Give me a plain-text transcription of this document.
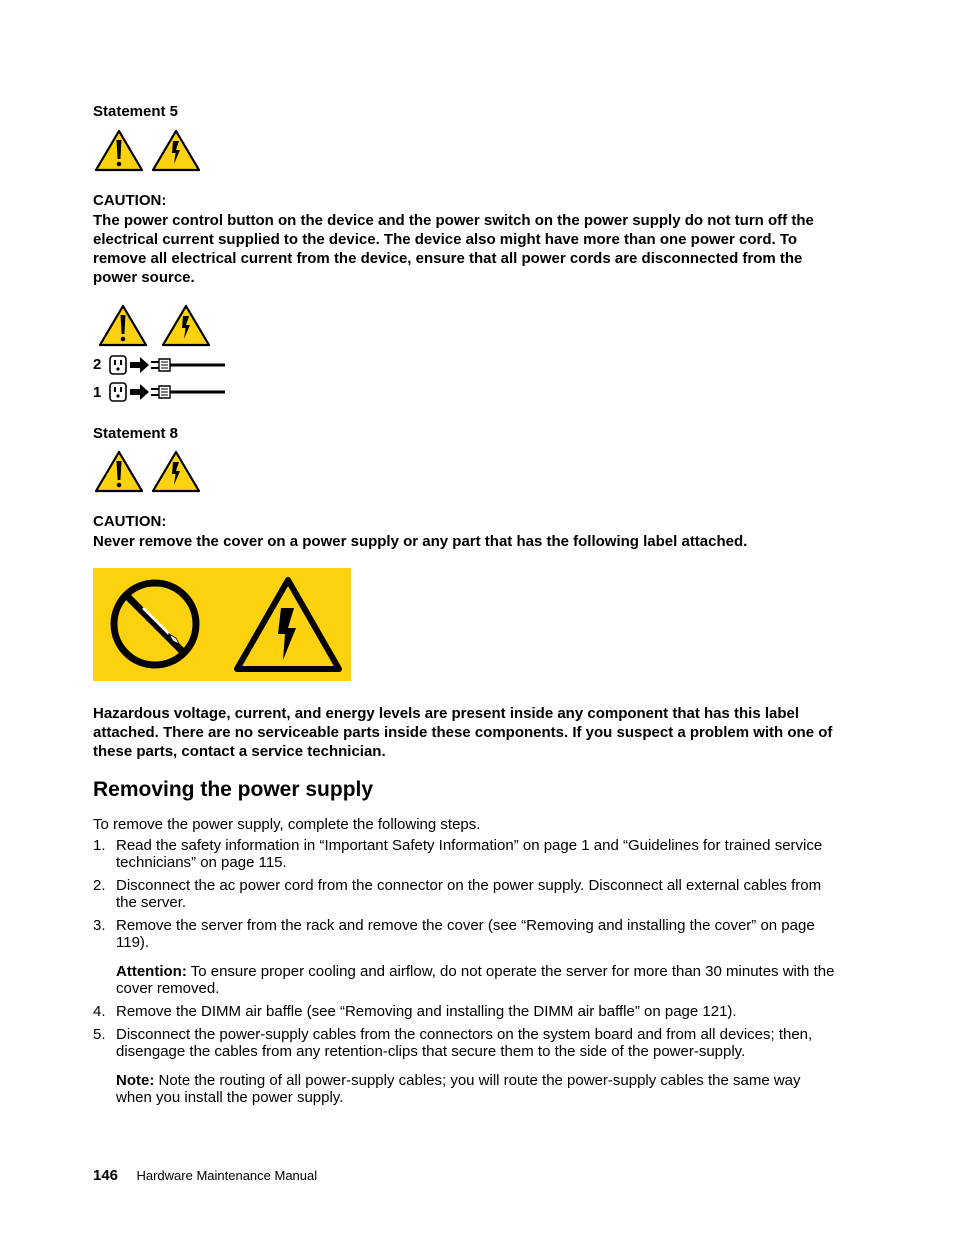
Statement 5
CAUTION:
The power control button on the device and the power switch on the power supply do not turn off the electrical current supplied to the device. The device also might have more than one power cord. To remove all electrical current from the device, ensure that all power cords are disconnected from the power source.
2
1
Statement 8
CAUTION:
Never remove the cover on a power supply or any part that has the following label attached.
Hazardous voltage, current, and energy levels are present inside any component that has this label attached. There are no serviceable parts inside these components. If you suspect a problem with one of these parts, contact a service technician.
Removing the power supply
To remove the power supply, complete the following steps.
1. Read the safety information in “Important Safety Information” on page 1 and “Guidelines for trained service technicians” on page 115.
2. Disconnect the ac power cord from the connector on the power supply. Disconnect all external cables from the server.
3. Remove the server from the rack and remove the cover (see “Removing and installing the cover” on page 119).
Attention: To ensure proper cooling and airflow, do not operate the server for more than 30 minutes with the cover removed.
4. Remove the DIMM air baffle (see “Removing and installing the DIMM air baffle” on page 121).
5. Disconnect the power-supply cables from the connectors on the system board and from all devices; then, disengage the cables from any retention-clips that secure them to the side of the power-supply.
Note: Note the routing of all power-supply cables; you will route the power-supply cables the same way when you install the power supply.
146 Hardware Maintenance Manual
